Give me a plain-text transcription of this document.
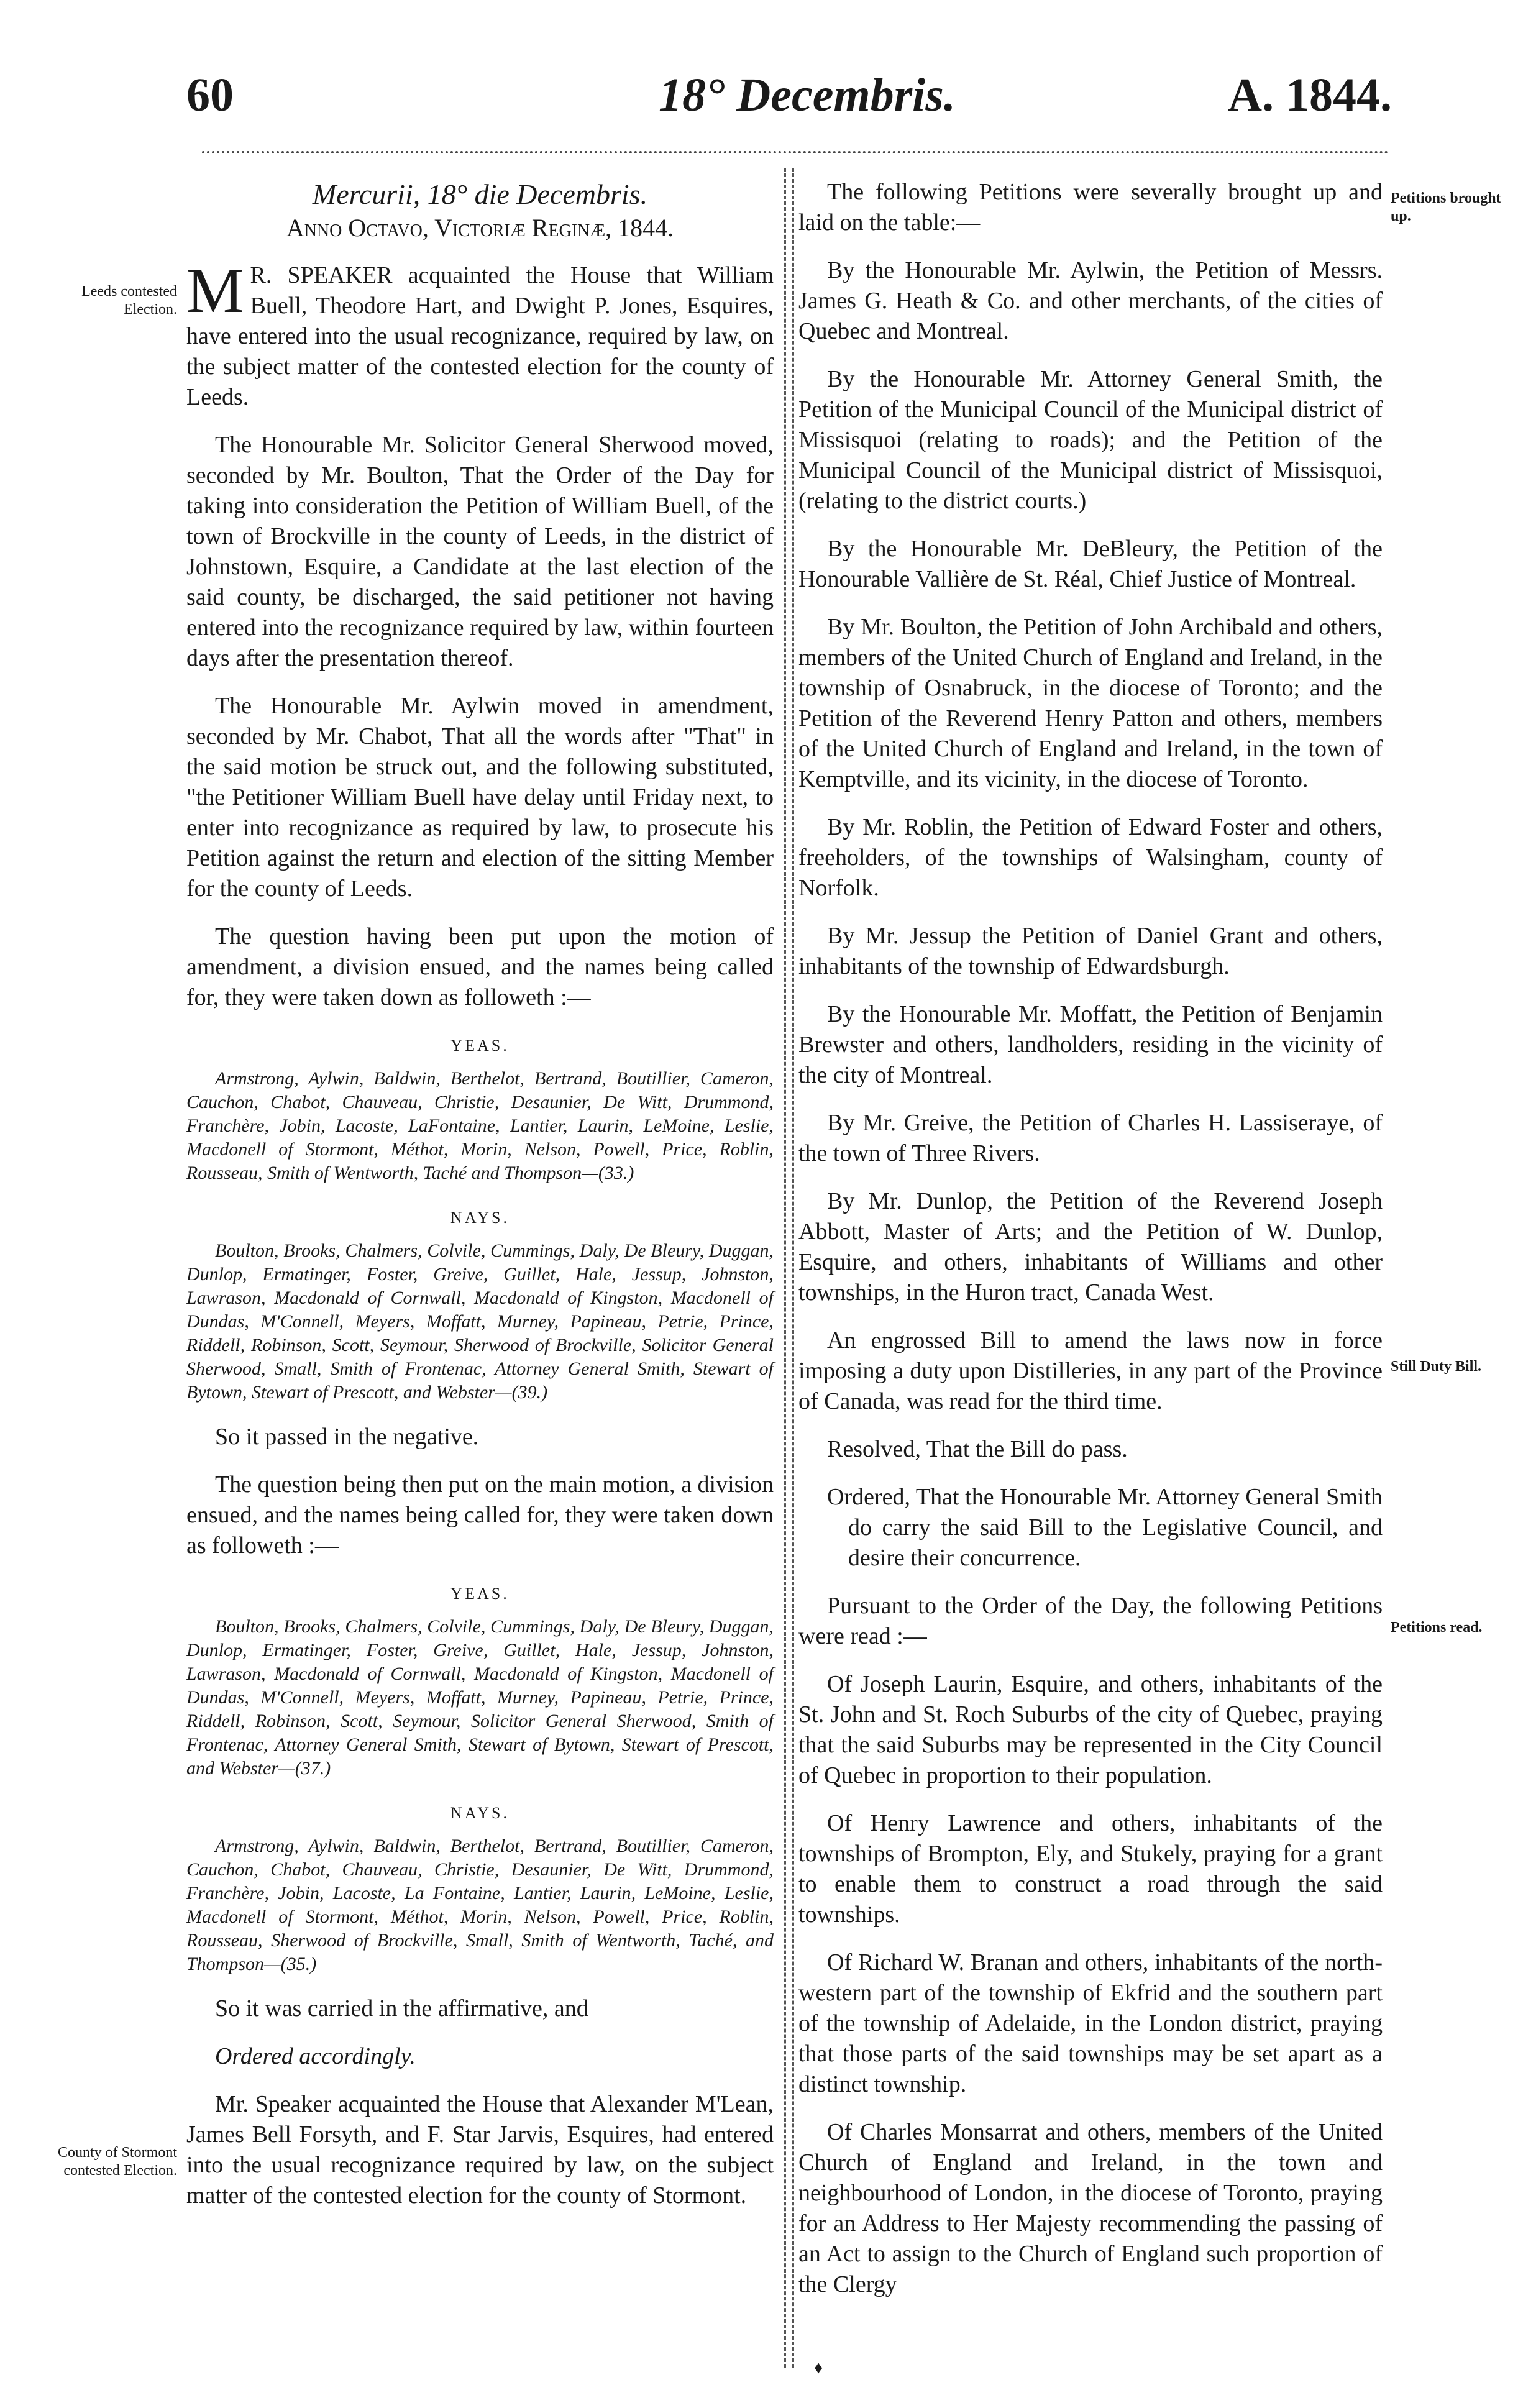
60	18° Decembris.	A. 1844.
Mercurii, 18° die Decembris.
Anno Octavo, Victoriæ Reginæ, 1844.

M R. SPEAKER acquainted the House that William Buell, Theodore Hart, and Dwight P. Jones, Esquires, have entered into the usual recognizance, required by law, on the subject matter of the contested election for the county of Leeds.

The Honourable Mr. Solicitor General Sherwood moved, seconded by Mr. Boulton, That the Order of the Day for taking into consideration the Petition of William Buell, of the town of Brockville in the county of Leeds, in the district of Johnstown, Esquire, a Candidate at the last election of the said county, be discharged, the said petitioner not having entered into the recognizance required by law, within fourteen days after the presentation thereof.

The Honourable Mr. Aylwin moved in amendment, seconded by Mr. Chabot, That all the words after "That" in the said motion be struck out, and the following substituted, "the Petitioner William Buell have delay until Friday next, to enter into recognizance as required by law, to prosecute his Petition against the return and election of the sitting Member for the county of Leeds.

The question having been put upon the motion of amendment, a division ensued, and the names being called for, they were taken down as followeth :—

YEAS.

Armstrong, Aylwin, Baldwin, Berthelot, Bertrand, Boutillier, Cameron, Cauchon, Chabot, Chauveau, Christie, Desaunier, De Witt, Drummond, Franchère, Jobin, Lacoste, LaFontaine, Lantier, Laurin, LeMoine, Leslie, Macdonell of Stormont, Méthot, Morin, Nelson, Powell, Price, Roblin, Rousseau, Smith of Wentworth, Taché and Thompson—(33.)

NAYS.

Boulton, Brooks, Chalmers, Colvile, Cummings, Daly, De Bleury, Duggan, Dunlop, Ermatinger, Foster, Greive, Guillet, Hale, Jessup, Johnston, Lawrason, Macdonald of Cornwall, Macdonald of Kingston, Macdonell of Dundas, M'Connell, Meyers, Moffatt, Murney, Papineau, Petrie, Prince, Riddell, Robinson, Scott, Seymour, Sherwood of Brockville, Solicitor General Sherwood, Small, Smith of Frontenac, Attorney General Smith, Stewart of Bytown, Stewart of Prescott, and Webster—(39.)

So it passed in the negative.

The question being then put on the main motion, a division ensued, and the names being called for, they were taken down as followeth :—

YEAS.

Boulton, Brooks, Chalmers, Colvile, Cummings, Daly, De Bleury, Duggan, Dunlop, Ermatinger, Foster, Greive, Guillet, Hale, Jessup, Johnston, Lawrason, Macdonald of Cornwall, Macdonald of Kingston, Macdonell of Dundas, M'Connell, Meyers, Moffatt, Murney, Papineau, Petrie, Prince, Riddell, Robinson, Scott, Seymour, Solicitor General Sherwood, Smith of Frontenac, Attorney General Smith, Stewart of Bytown, Stewart of Prescott, and Webster—(37.)

NAYS.

Armstrong, Aylwin, Baldwin, Berthelot, Bertrand, Boutillier, Cameron, Cauchon, Chabot, Chauveau, Christie, Desaunier, De Witt, Drummond, Franchère, Jobin, Lacoste, La Fontaine, Lantier, Laurin, LeMoine, Leslie, Macdonell of Stormont, Méthot, Morin, Nelson, Powell, Price, Roblin, Rousseau, Sherwood of Brockville, Small, Smith of Wentworth, Taché, and Thompson—(35.)

So it was carried in the affirmative, and

Ordered accordingly.

Mr. Speaker acquainted the House that Alexander M'Lean, James Bell Forsyth, and F. Star Jarvis, Esquires, had entered into the usual recognizance required by law, on the subject matter of the contested election for the county of Stormont.

The following Petitions were severally brought up and laid on the table:—

By the Honourable Mr. Aylwin, the Petition of Messrs. James G. Heath & Co. and other merchants, of the cities of Quebec and Montreal.

By the Honourable Mr. Attorney General Smith, the Petition of the Municipal Council of the Municipal district of Missisquoi (relating to roads); and the Petition of the Municipal Council of the Municipal district of Missisquoi, (relating to the district courts.)

By the Honourable Mr. DeBleury, the Petition of the Honourable Vallière de St. Réal, Chief Justice of Montreal.

By Mr. Boulton, the Petition of John Archibald and others, members of the United Church of England and Ireland, in the township of Osnabruck, in the diocese of Toronto; and the Petition of the Reverend Henry Patton and others, members of the United Church of England and Ireland, in the town of Kemptville, and its vicinity, in the diocese of Toronto.

By Mr. Roblin, the Petition of Edward Foster and others, freeholders, of the townships of Walsingham, county of Norfolk.

By Mr. Jessup the Petition of Daniel Grant and others, inhabitants of the township of Edwardsburgh.

By the Honourable Mr. Moffatt, the Petition of Benjamin Brewster and others, landholders, residing in the vicinity of the city of Montreal.

By Mr. Greive, the Petition of Charles H. Lassiseraye, of the town of Three Rivers.

By Mr. Dunlop, the Petition of the Reverend Joseph Abbott, Master of Arts; and the Petition of W. Dunlop, Esquire, and others, inhabitants of Williams and other townships, in the Huron tract, Canada West.

An engrossed Bill to amend the laws now in force imposing a duty upon Distilleries, in any part of the Province of Canada, was read for the third time.

Resolved, That the Bill do pass.

Ordered, That the Honourable Mr. Attorney General Smith do carry the said Bill to the Legislative Council, and desire their concurrence.

Pursuant to the Order of the Day, the following Petitions were read :—

Of Joseph Laurin, Esquire, and others, inhabitants of the St. John and St. Roch Suburbs of the city of Quebec, praying that the said Suburbs may be represented in the City Council of Quebec in proportion to their population.

Of Henry Lawrence and others, inhabitants of the townships of Brompton, Ely, and Stukely, praying for a grant to enable them to construct a road through the said townships.

Of Richard W. Branan and others, inhabitants of the north-western part of the township of Ekfrid and the southern part of the township of Adelaide, in the London district, praying that those parts of the said townships may be set apart as a distinct township.

Of Charles Monsarrat and others, members of the United Church of England and Ireland, in the town and neighbourhood of London, in the diocese of Toronto, praying for an Address to Her Majesty recommending the passing of an Act to assign to the Church of England such proportion of the Clergy

Leeds contested Election.
County of Stormont contested Election.
Petitions brought up.
Still Duty Bill.
Petitions read.
♦
